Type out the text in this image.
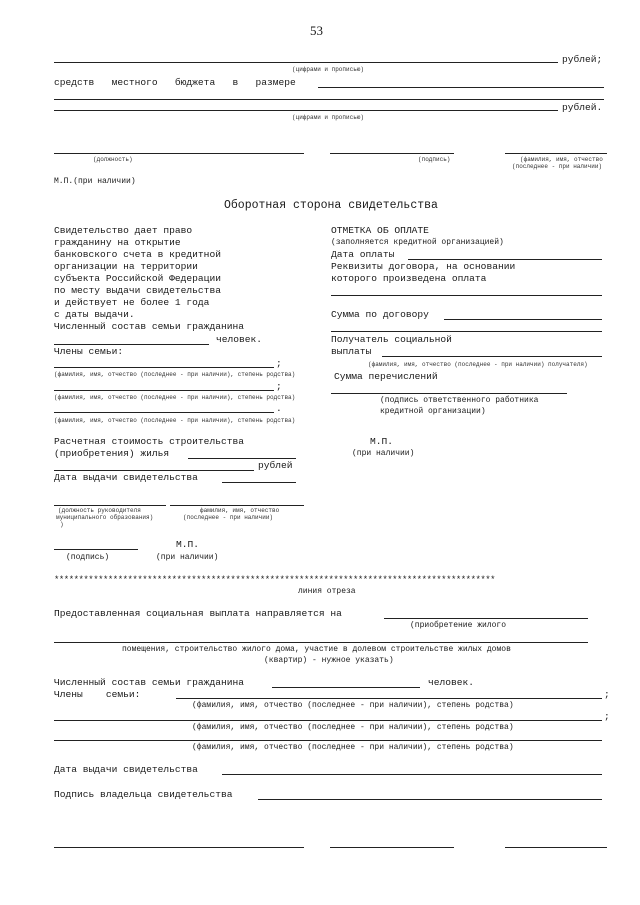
53
рублей;
(цифрами и прописью)
средств   местного   бюджета   в   размере
рублей.
(цифрами и прописью)
(должность)	(подпись)	(фамилия, имя, отчество
(последнее - при наличии)
М.П.(при наличии)
Оборотная сторона свидетельства
Свидетельство дает право
гражданину на открытие
банковского счета в кредитной
организации на территории
субъекта Российской Федерации
по месту выдачи свидетельства
и действует не более 1 года
с даты выдачи.
Численный состав семьи гражданина
человек.
Члены семьи:
;
(фамилия, имя, отчество (последнее - при наличии), степень родства)
;
(фамилия, имя, отчество (последнее - при наличии), степень родства)
.
(фамилия, имя, отчество (последнее - при наличии), степень родства)
Расчетная стоимость строительства
(приобретения) жилья
рублей
Дата выдачи свидетельства
(должность руководителя
муниципального образования)
фамилия, имя, отчество
(последнее - при наличии)
)
М.П.
(подпись)	(при наличии)
ОТМЕТКА ОБ ОПЛАТЕ
(заполняется кредитной организацией)
Дата оплаты
Реквизиты договора, на основании
которого произведена оплата
Сумма по договору
Получатель социальной
выплаты
(фамилия, имя, отчество (последнее - при наличии) получателя)
Сумма перечислений
(подпись ответственного работника
кредитной организации)
М.П.
(при наличии)
******************************************************************************************
линия отреза
Предоставленная социальная выплата направляется на
(приобретение жилого
помещения, строительство жилого дома, участие в долевом строительстве жилых домов
(квартир) - нужное указать)
Численный состав семьи гражданина	человек.
Члены    семьи:	;
(фамилия, имя, отчество (последнее - при наличии), степень родства)
;
(фамилия, имя, отчество (последнее - при наличии), степень родства)
(фамилия, имя, отчество (последнее - при наличии), степень родства)
Дата выдачи свидетельства
Подпись владельца свидетельства
